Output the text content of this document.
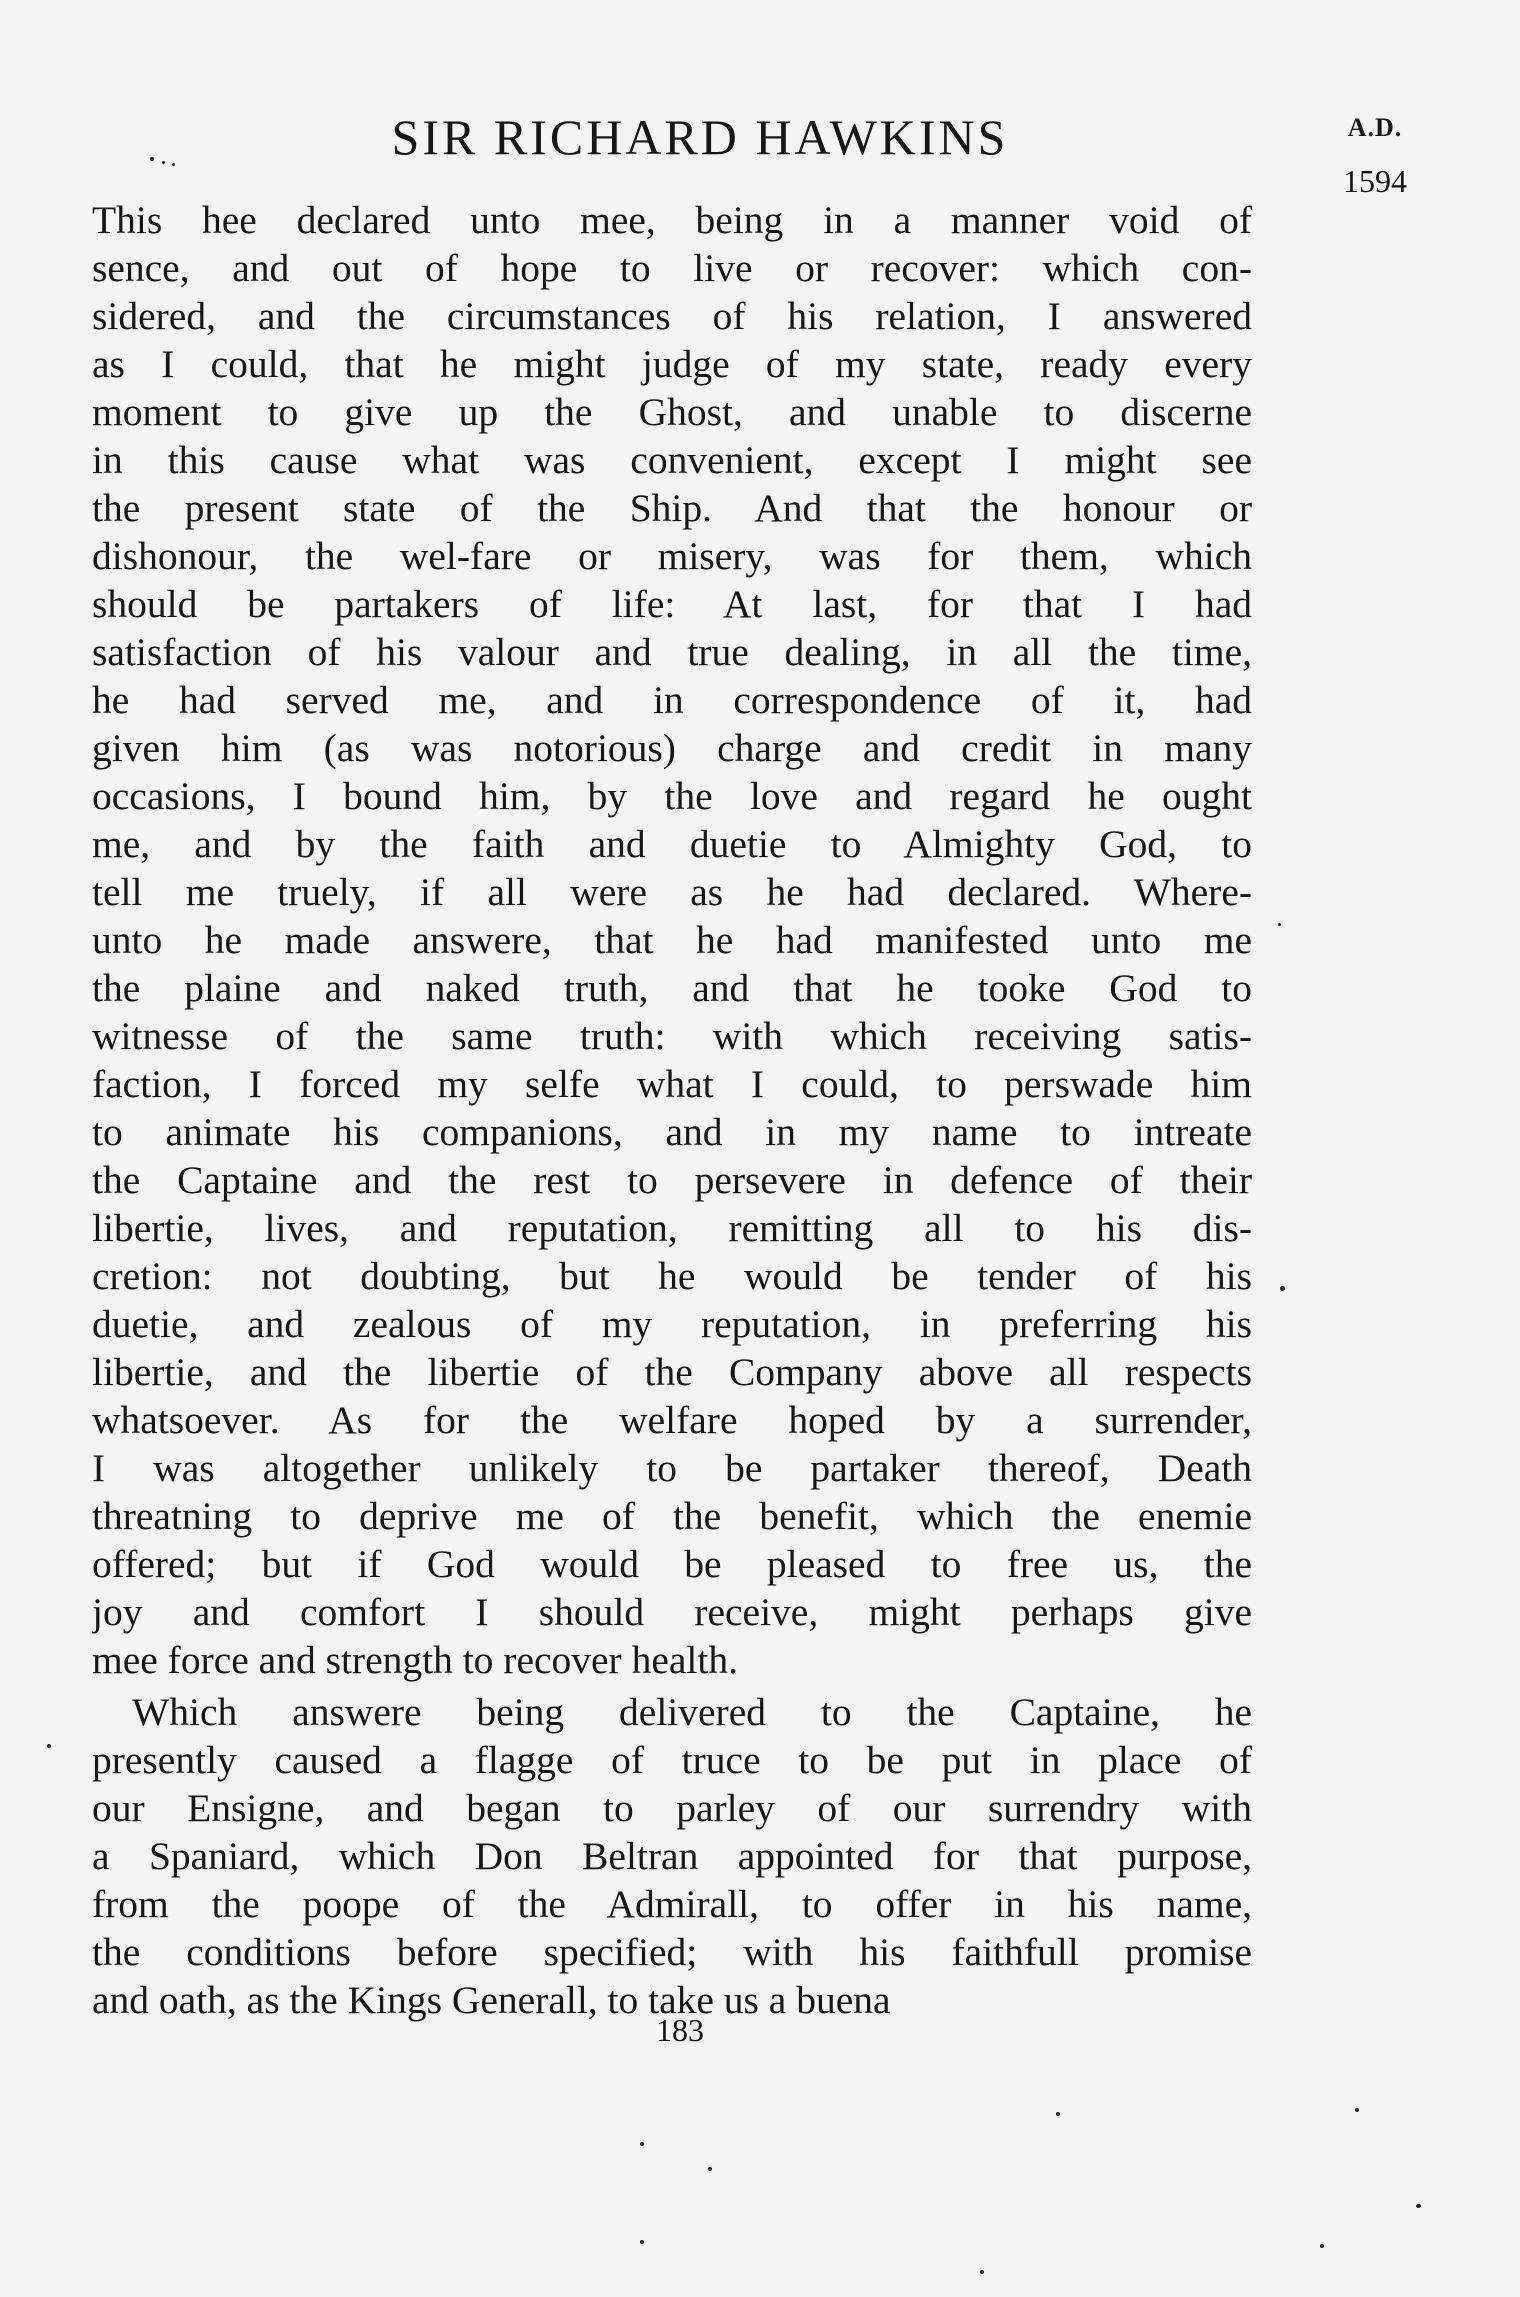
SIR RICHARD HAWKINS	A.D.
1594
This hee declared unto mee, being in a manner void of
sence, and out of hope to live or recover: which con-
sidered, and the circumstances of his relation, I answered
as I could, that he might judge of my state, ready every
moment to give up the Ghost, and unable to discerne
in this cause what was convenient, except I might see
the present state of the Ship. And that the honour or
dishonour, the wel-fare or misery, was for them, which
should be partakers of life: At last, for that I had
satisfaction of his valour and true dealing, in all the time,
he had served me, and in correspondence of it, had
given him (as was notorious) charge and credit in many
occasions, I bound him, by the love and regard he ought
me, and by the faith and duetie to Almighty God, to
tell me truely, if all were as he had declared. Where-
unto he made answere, that he had manifested unto me
the plaine and naked truth, and that he tooke God to
witnesse of the same truth: with which receiving satis-
faction, I forced my selfe what I could, to perswade him
to animate his companions, and in my name to intreate
the Captaine and the rest to persevere in defence of their
libertie, lives, and reputation, remitting all to his dis-
cretion: not doubting, but he would be tender of his
duetie, and zealous of my reputation, in preferring his
libertie, and the libertie of the Company above all respects
whatsoever. As for the welfare hoped by a surrender,
I was altogether unlikely to be partaker thereof, Death
threatning to deprive me of the benefit, which the enemie
offered; but if God would be pleased to free us, the
joy and comfort I should receive, might perhaps give
mee force and strength to recover health.
Which answere being delivered to the Captaine, he
presently caused a flagge of truce to be put in place of
our Ensigne, and began to parley of our surrendry with
a Spaniard, which Don Beltran appointed for that purpose,
from the poope of the Admirall, to offer in his name,
the conditions before specified; with his faithfull promise
and oath, as the Kings Generall, to take us a buena
183
